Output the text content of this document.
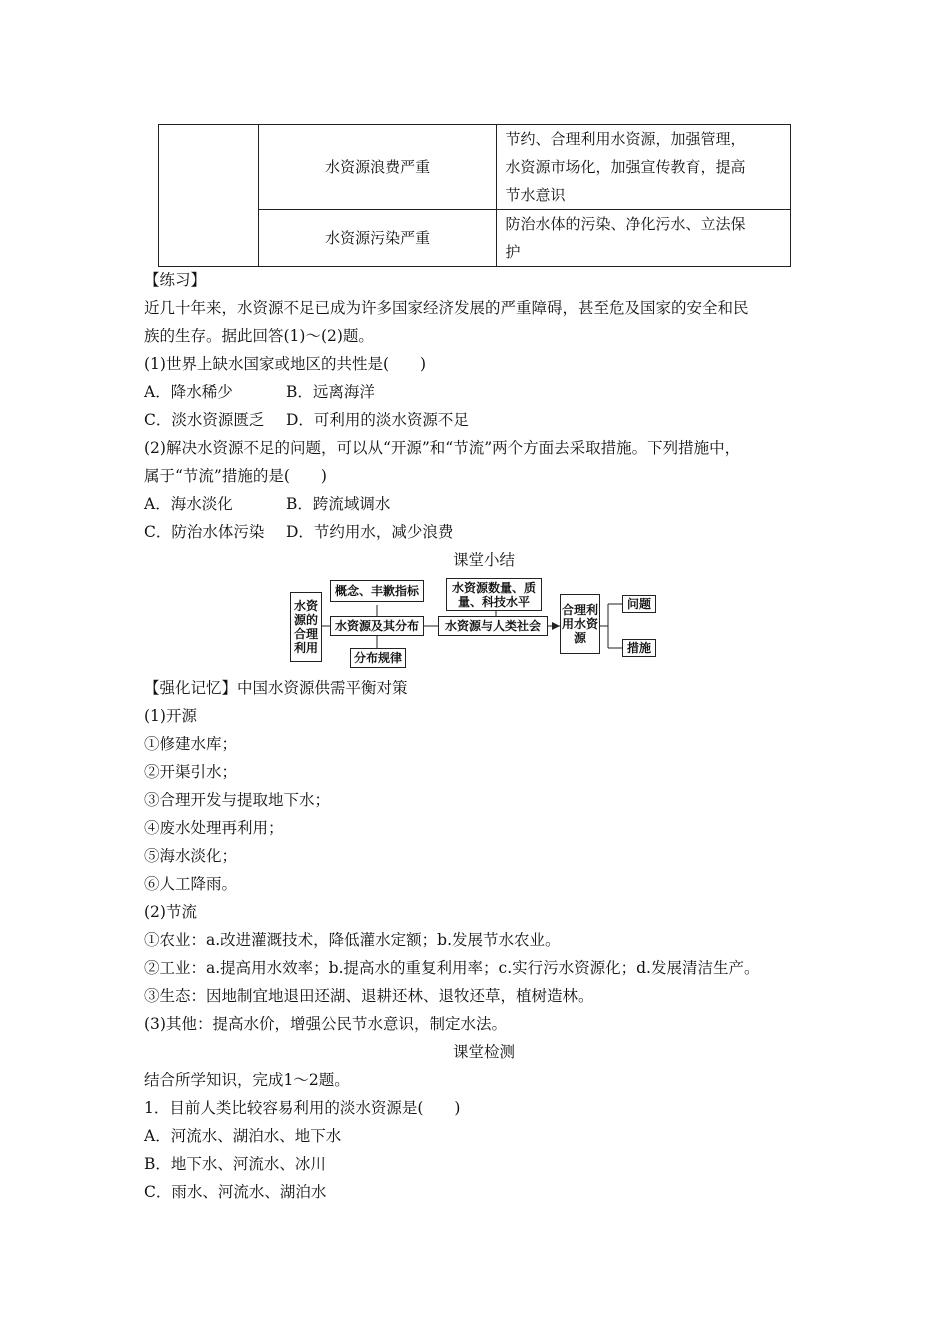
	水资源浪费严重	节约、合理利用水资源，加强管理，
水资源市场化，加强宣传教育，提高
节水意识

	水资源污染严重	防治水体的污染、净化污水、立法保
护
【练习】
近几十年来，水资源不足已成为许多国家经济发展的严重障碍，甚至危及国家的安全和民
族的生存。据此回答(1)～(2)题。
(1)世界上缺水国家或地区的共性是(　　)
A．降水稀少	B．远离海洋
C．淡水资源匮乏 D．可利用的淡水资源不足
(2)解决水资源不足的问题，可以从“开源”和“节流”两个方面去采取措施。下列措施中，
属于“节流”措施的是(　　)
A．海水淡化	B．跨流域调水
C．防治水体污染 D．节约用水，减少浪费
课堂小结
水资源的合理利用
概念、丰歉指标
水资源及其分布
分布规律
水资源数量、质量、科技水平
水资源与人类社会
合理利用水资源
问题
措施
【强化记忆】中国水资源供需平衡对策
(1)开源
①修建水库；
②开渠引水；
③合理开发与提取地下水；
④废水处理再利用；
⑤海水淡化；
⑥人工降雨。
(2)节流
①农业：a.改进灌溉技术，降低灌水定额；b.发展节水农业。
②工业：a.提高用水效率；b.提高水的重复利用率；c.实行污水资源化；d.发展清洁生产。
③生态：因地制宜地退田还湖、退耕还林、退牧还草，植树造林。
(3)其他：提高水价，增强公民节水意识，制定水法。
课堂检测
结合所学知识，完成1～2题。
1．目前人类比较容易利用的淡水资源是(　　)
A．河流水、湖泊水、地下水
B．地下水、河流水、冰川
C．雨水、河流水、湖泊水
